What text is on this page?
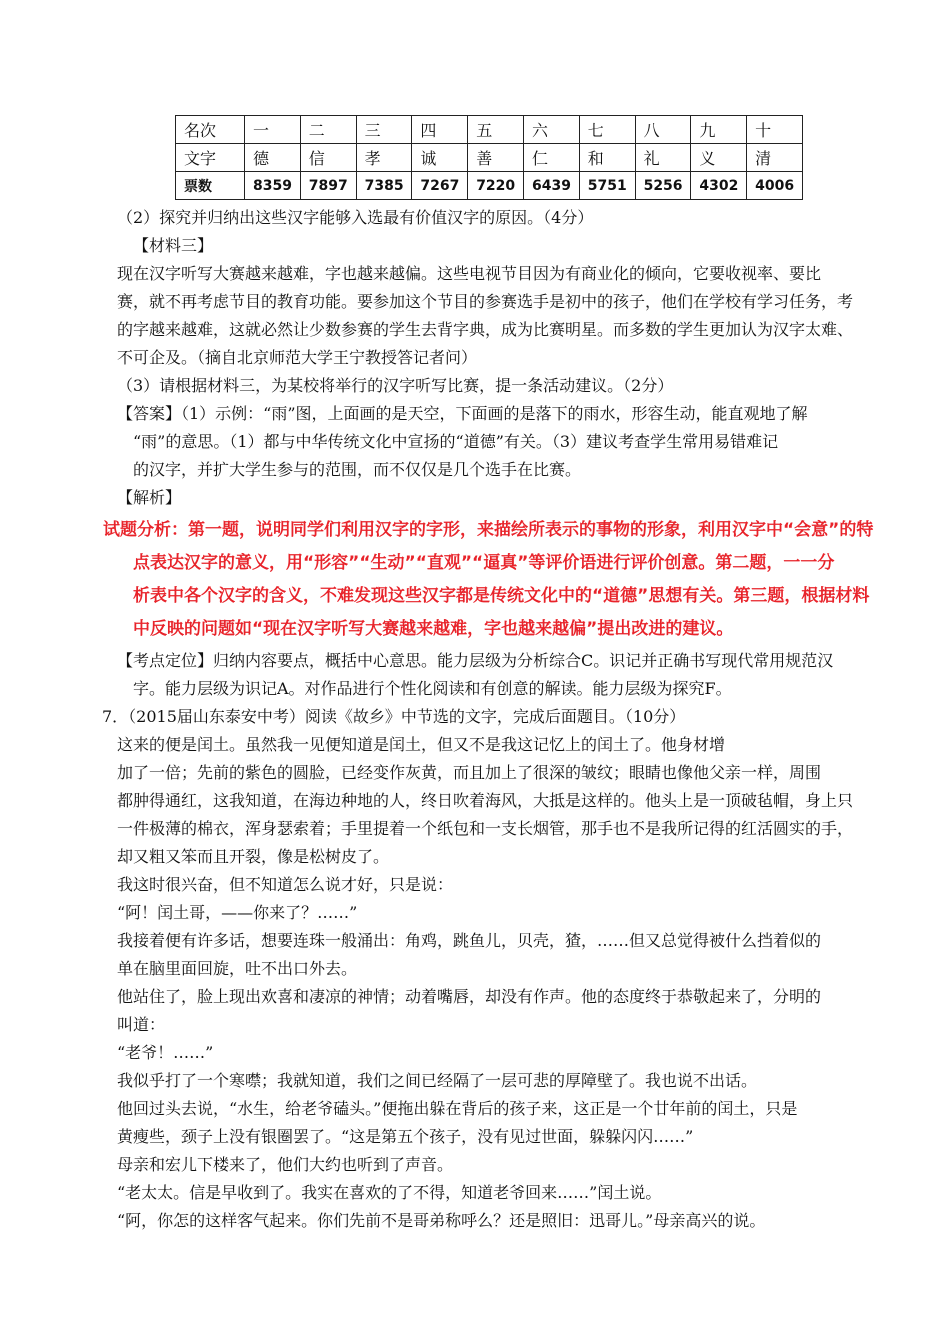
名次	一	二	三	四	五	六	七	八	九	十
文字	德	信	孝	诚	善	仁	和	礼	义	清
票数	8359	7897	7385	7267	7220	6439	5751	5256	4302	4006
（2）探究并归纳出这些汉字能够入选最有价值汉字的原因。（4分）
【材料三】
现在汉字听写大赛越来越难，字也越来越偏。这些电视节目因为有商业化的倾向，它要收视率、要比
赛，就不再考虑节目的教育功能。要参加这个节目的参赛选手是初中的孩子，他们在学校有学习任务，考
的字越来越难，这就必然让少数参赛的学生去背字典，成为比赛明星。而多数的学生更加认为汉字太难、
不可企及。（摘自北京师范大学王宁教授答记者问）
（3）请根据材料三，为某校将举行的汉字听写比赛，提一条活动建议。（2分）
【答案】（1）示例：“雨”图，上面画的是天空，下面画的是落下的雨水，形容生动，能直观地了解
“雨”的意思。（1）都与中华传统文化中宣扬的“道德”有关。（3）建议考查学生常用易错难记
的汉字，并扩大学生参与的范围，而不仅仅是几个选手在比赛。
【解析】
试题分析：第一题，说明同学们利用汉字的字形，来描绘所表示的事物的形象，利用汉字中“会意”的特
点表达汉字的意义，用“形容”“生动”“直观”“逼真”等评价语进行评价创意。第二题，一一分
析表中各个汉字的含义，不难发现这些汉字都是传统文化中的“道德”思想有关。第三题，根据材料
中反映的问题如“现在汉字听写大赛越来越难，字也越来越偏”提出改进的建议。
【考点定位】归纳内容要点，概括中心意思。能力层级为分析综合C。识记并正确书写现代常用规范汉
字。能力层级为识记A。对作品进行个性化阅读和有创意的解读。能力层级为探究F。
7．（2015届山东泰安中考）阅读《故乡》中节选的文字，完成后面题目。（10分）
这来的便是闰土。虽然我一见便知道是闰土，但又不是我这记忆上的闰土了。他身材增
加了一倍；先前的紫色的圆脸，已经变作灰黄，而且加上了很深的皱纹；眼睛也像他父亲一样，周围
都肿得通红，这我知道，在海边种地的人，终日吹着海风，大抵是这样的。他头上是一顶破毡帽，身上只
一件极薄的棉衣，浑身瑟索着；手里提着一个纸包和一支长烟管，那手也不是我所记得的红活圆实的手，
却又粗又笨而且开裂，像是松树皮了。
我这时很兴奋，但不知道怎么说才好，只是说：
“阿！闰土哥，——你来了？……”
我接着便有许多话，想要连珠一般涌出：角鸡，跳鱼儿，贝壳，猹，……但又总觉得被什么挡着似的
单在脑里面回旋，吐不出口外去。
他站住了，脸上现出欢喜和凄凉的神情；动着嘴唇，却没有作声。他的态度终于恭敬起来了，分明的
叫道：
“老爷！……”
我似乎打了一个寒噤；我就知道，我们之间已经隔了一层可悲的厚障壁了。我也说不出话。
他回过头去说，“水生，给老爷磕头。”便拖出躲在背后的孩子来，这正是一个廿年前的闰土，只是
黄瘦些，颈子上没有银圈罢了。“这是第五个孩子，没有见过世面，躲躲闪闪……”
母亲和宏儿下楼来了，他们大约也听到了声音。
“老太太。信是早收到了。我实在喜欢的了不得，知道老爷回来……”闰土说。
“阿，你怎的这样客气起来。你们先前不是哥弟称呼么？还是照旧：迅哥儿。”母亲高兴的说。
